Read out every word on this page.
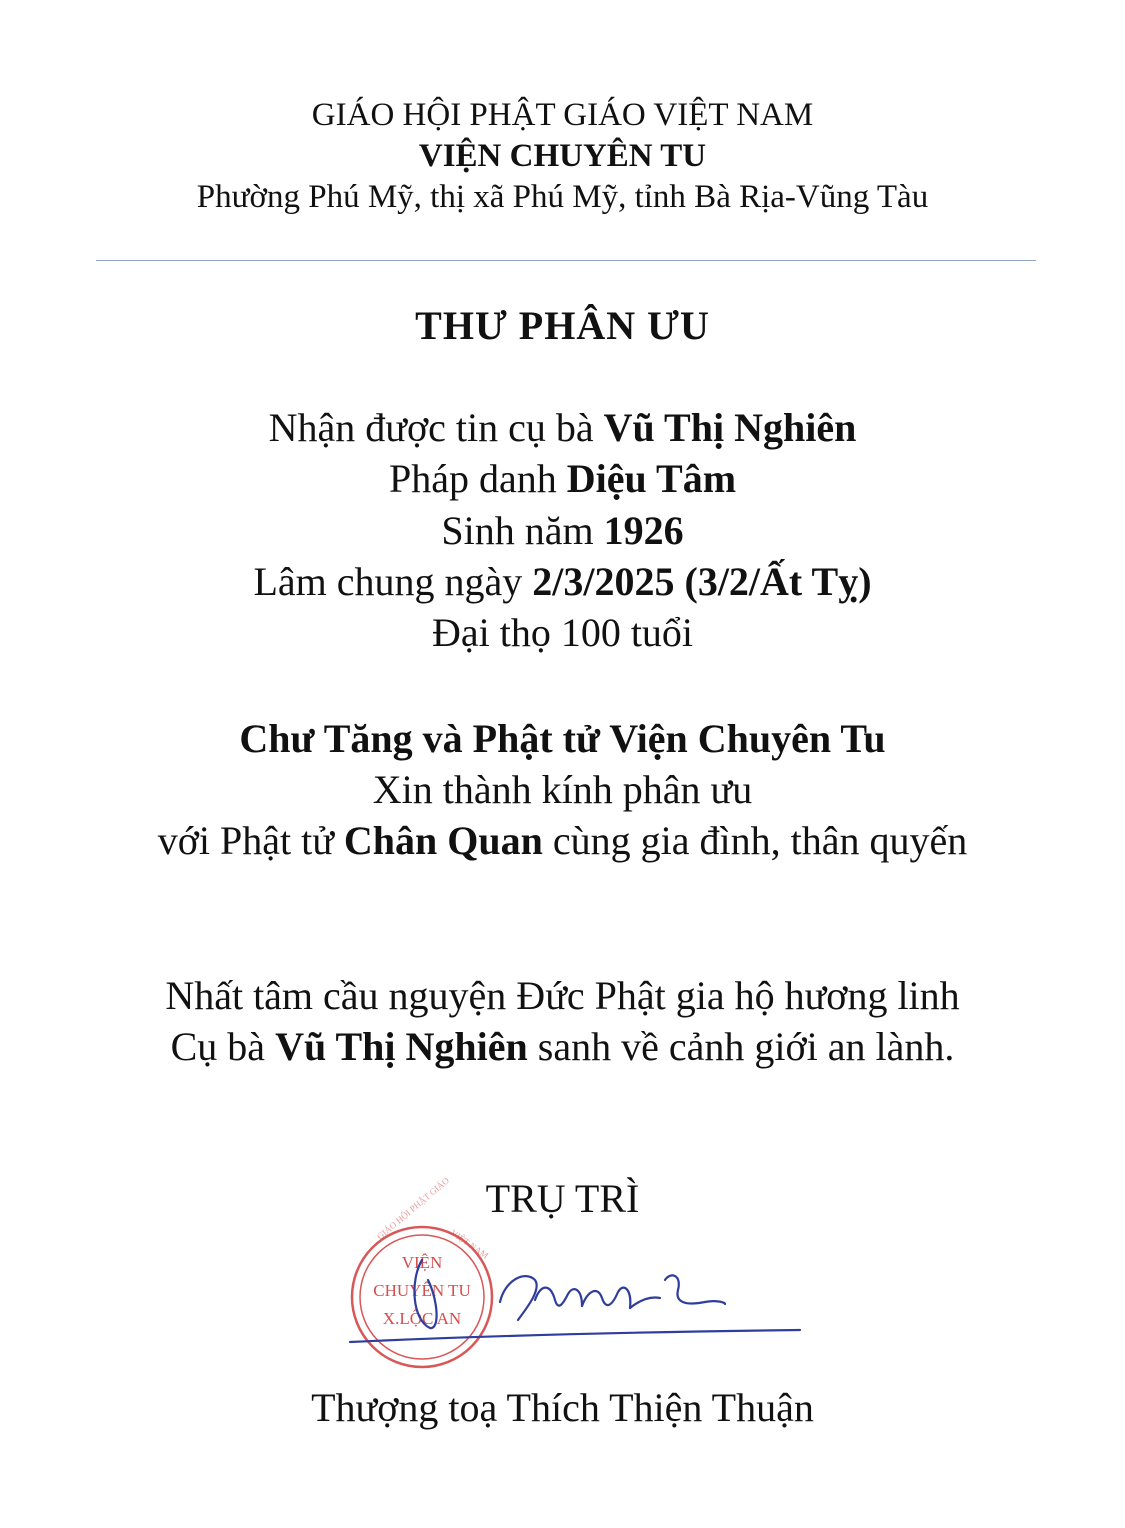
GIÁO HỘI PHẬT GIÁO VIỆT NAM
VIỆN CHUYÊN TU
Phường Phú Mỹ, thị xã Phú Mỹ, tỉnh Bà Rịa-Vũng Tàu
THƯ PHÂN ƯU
Nhận được tin cụ bà Vũ Thị Nghiên
Pháp danh Diệu Tâm
Sinh năm 1926
Lâm chung ngày 2/3/2025 (3/2/Ất Tỵ)
Đại thọ 100 tuổi
Chư Tăng và Phật tử Viện Chuyên Tu
Xin thành kính phân ưu
với Phật tử Chân Quan cùng gia đình, thân quyến
Nhất tâm cầu nguyện Đức Phật gia hộ hương linh
Cụ bà Vũ Thị Nghiên sanh về cảnh giới an lành.
TRỤ TRÌ
GIÁO HỘI PHẬT GIÁO
VIỆT NAM
VIỆN
CHUYÊN TU
X.LỘC AN
Thượng toạ Thích Thiện Thuận
